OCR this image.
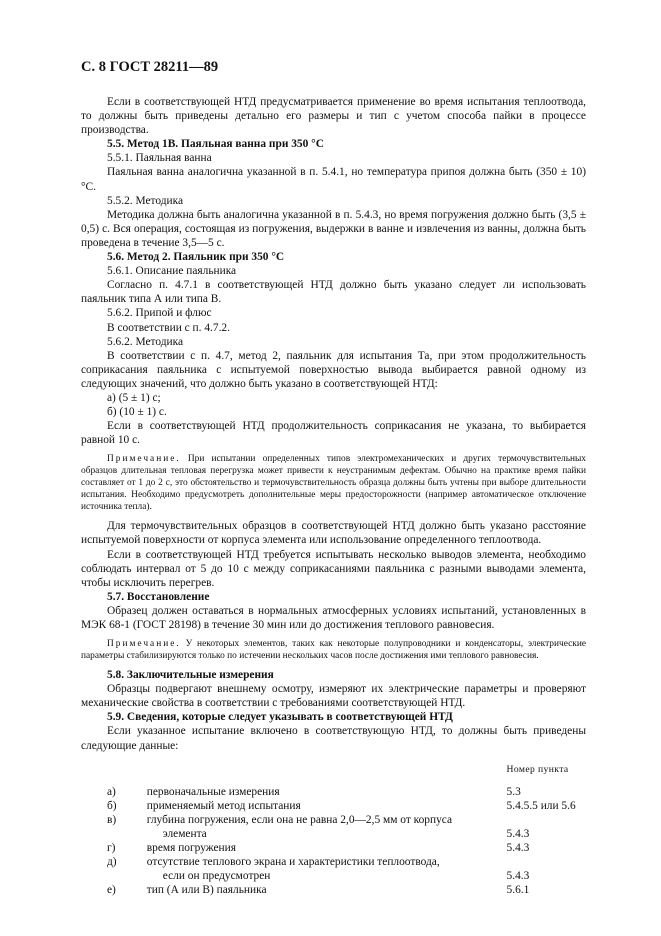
С. 8 ГОСТ 28211—89

Если в соответствующей НТД предусматривается применение во время испытания теплоотвода, то должны быть приведены детально его размеры и тип с учетом способа пайки в процессе производства.

5.5. Метод 1В. Паяльная ванна при 350 °С

5.5.1. Паяльная ванна

Паяльная ванна аналогична указанной в п. 5.4.1, но температура припоя должна быть (350 ± 10) °С.

5.5.2. Методика

Методика должна быть аналогична указанной в п. 5.4.3, но время погружения должно быть (3,5 ± 0,5) с. Вся операция, состоящая из погружения, выдержки в ванне и извлечения из ванны, должна быть проведена в течение 3,5—5 с.

5.6. Метод 2. Паяльник при 350 °С

5.6.1. Описание паяльника

Согласно п. 4.7.1 в соответствующей НТД должно быть указано следует ли использовать паяльник типа А или типа В.

5.6.2. Припой и флюс

В соответствии с п. 4.7.2.

5.6.2. Методика

В соответствии с п. 4.7, метод 2, паяльник для испытания Та, при этом продолжительность соприкасания паяльника с испытуемой поверхностью вывода выбирается равной одному из следующих значений, что должно быть указано в соответствующей НТД:

а) (5 ± 1) с;

б) (10 ± 1) с.

Если в соответствующей НТД продолжительность соприкасания не указана, то выбирается равной 10 с.

Примечание. При испытании определенных типов электромеханических и других термочувствительных образцов длительная тепловая перегрузка может привести к неустранимым дефектам. Обычно на практике время пайки составляет от 1 до 2 с, это обстоятельство и термочувствительность образца должны быть учтены при выборе длительности испытания. Необходимо предусмотреть дополнительные меры предосторожности (например автоматическое отключение источника тепла).

Для термочувствительных образцов в соответствующей НТД должно быть указано расстояние испытуемой поверхности от корпуса элемента или использование определенного теплоотвода.

Если в соответствующей НТД требуется испытывать несколько выводов элемента, необходимо соблюдать интервал от 5 до 10 с между соприкасаниями паяльника с разными выводами элемента, чтобы исключить перегрев.

5.7. Восстановление

Образец должен оставаться в нормальных атмосферных условиях испытаний, установленных в МЭК 68-1 (ГОСТ 28198) в течение 30 мин или до достижения теплового равновесия.

Примечание. У некоторых элементов, таких как некоторые полупроводники и конденсаторы, электрические параметры стабилизируются только по истечении нескольких часов после достижения ими теплового равновесия.

5.8. Заключительные измерения

Образцы подвергают внешнему осмотру, измеряют их электрические параметры и проверяют механические свойства в соответствии с требованиями соответствующей НТД.

5.9. Сведения, которые следует указывать в соответствующей НТД

Если указанное испытание включено в соответствующую НТД, то должны быть приведены следующие данные:

		Номер пункта
а)	первоначальные измерения	5.3
б)	применяемый метод испытания	5.4.5.5 или 5.6
в)	глубина погружения, если она не равна 2,0—2,5 мм от корпуса
элемента	5.4.3
г)	время погружения	5.4.3
д)	отсутствие теплового экрана и характеристики теплоотвода,
если он предусмотрен	5.4.3
е)	тип (А или В) паяльника	5.6.1
